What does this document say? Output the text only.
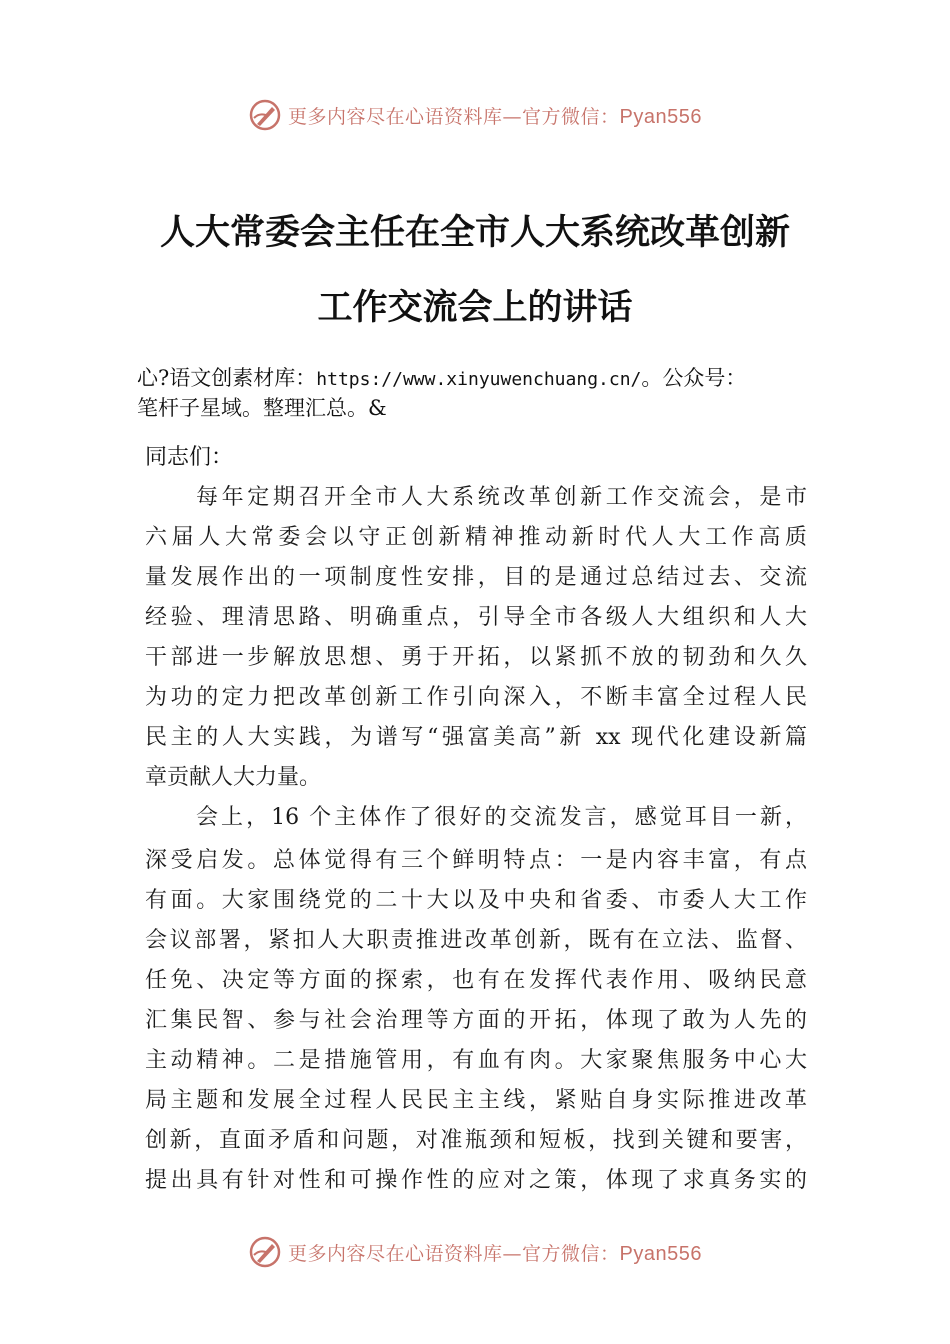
更多内容尽在心语资料库—官方微信：Pyan556
人大常委会主任在全市人大系统改革创新
工作交流会上的讲话
心?语文创素材库：https://www.xinyuwenchuang.cn/。公众号：
笔杆子星域。整理汇总。&
同志们：
每年定期召开全市人大系统改革创新工作交流会，是市
六届人大常委会以守正创新精神推动新时代人大工作高质
量发展作出的一项制度性安排，目的是通过总结过去、交流
经验、理清思路、明确重点，引导全市各级人大组织和人大
干部进一步解放思想、勇于开拓，以紧抓不放的韧劲和久久
为功的定力把改革创新工作引向深入，不断丰富全过程人民
民主的人大实践，为谱写“强富美高”新 xx 现代化建设新篇
章贡献人大力量。
会上，16 个主体作了很好的交流发言，感觉耳目一新，
深受启发。总体觉得有三个鲜明特点：一是内容丰富，有点
有面。大家围绕党的二十大以及中央和省委、市委人大工作
会议部署，紧扣人大职责推进改革创新，既有在立法、监督、
任免、决定等方面的探索，也有在发挥代表作用、吸纳民意
汇集民智、参与社会治理等方面的开拓，体现了敢为人先的
主动精神。二是措施管用，有血有肉。大家聚焦服务中心大
局主题和发展全过程人民民主主线，紧贴自身实际推进改革
创新，直面矛盾和问题，对准瓶颈和短板，找到关键和要害，
提出具有针对性和可操作性的应对之策，体现了求真务实的
更多内容尽在心语资料库—官方微信：Pyan556
